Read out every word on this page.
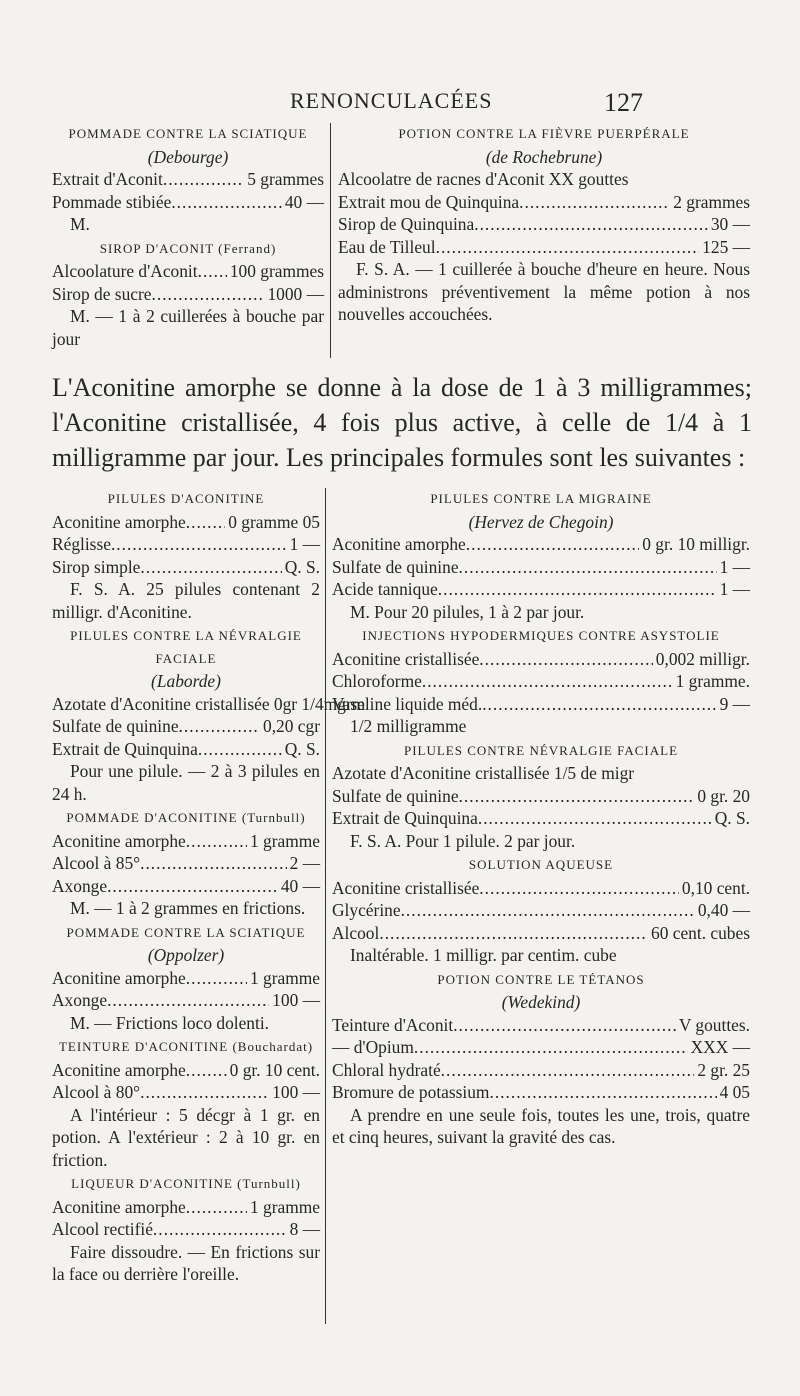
RENONCULACÉES	127
POMMADE CONTRE LA SCIATIQUE
(Debourge)
Extrait d'Aconit .....	5 grammes
Pommade stibiée .....	40 —
M.
SIROP D'ACONIT (Ferrand)
Alcoolature d'Aconit ..... 100 grammes
Sirop de sucre .....	1000 —
M. — 1 à 2 cuillerées à bouche par jour
POTION CONTRE LA FIÈVRE PUERPÉRALE
(de Rochebrune)
Alcoolatre de racnes d'Aconit XX gouttes
Extrait mou de Quinquina .....	2 grammes
Sirop de Quinquina .....	30 —
Eau de Tilleul .....	125 —
F. S. A. — 1 cuillerée à bouche d'heure en heure. Nous administrons préventivement la même potion à nos nouvelles accouchées.
L'Aconitine amorphe se donne à la dose de 1 à 3 milligrammes; l'Aconitine cristallisée, 4 fois plus active, à celle de 1/4 à 1 milligramme par jour. Les principales formules sont les suivantes :
PILULES D'ACONITINE
Aconitine amorphe ..... 0 gramme 05
Réglisse .....	1 —
Sirop simple .....	Q. S.
F. S. A. 25 pilules contenant 2 milligr. d'Aconitine.
PILULES CONTRE LA NÉVRALGIE FACIALE
(Laborde)
Azotate d'Aconitine cristallisée 0gr 1/4mgrm
Sulfate de quinine .....	0,20 cgr
Extrait de Quinquina .....	Q. S.
Pour une pilule. — 2 à 3 pilules en 24 h.
POMMADE D'ACONITINE (Turnbull)
Aconitine amorphe .....	1 gramme
Alcool à 85° .....	2 —
Axonge .....	40 —
M. — 1 à 2 grammes en frictions.
POMMADE CONTRE LA SCIATIQUE
(Oppolzer)
Aconitine amorphe .....	1 gramme
Axonge .....	100 —
M. — Frictions loco dolenti.
TEINTURE D'ACONITINE (Bouchardat)
Aconitine amorphe .....	0 gr. 10 cent.
Alcool à 80° .....	100 —
A l'intérieur : 5 décgr à 1 gr. en potion. A l'extérieur : 2 à 10 gr. en friction.
LIQUEUR D'ACONITINE (Turnbull)
Aconitine amorphe .....	1 gramme
Alcool rectifié .....	8 —
Faire dissoudre. — En frictions sur la face ou derrière l'oreille.
PILULES CONTRE LA MIGRAINE
(Hervez de Chegoin)
Aconitine amorphe .....	0 gr. 10 milligr.
Sulfate de quinine .....	1 —
Acide tannique .....	1 —
M. Pour 20 pilules, 1 à 2 par jour.
INJECTIONS HYPODERMIQUES CONTRE ASYSTOLIE
Aconitine cristallisée .....	0,002 milligr.
Chloroforme .....	1 gramme.
Vaseline liquide méd. .....	9 —
1/2 milligramme
PILULES CONTRE NÉVRALGIE FACIALE
Azotate d'Aconitine cristallisée 1/5 de migr
Sulfate de quinine .....	0 gr. 20
Extrait de Quinquina .....	Q. S.
F. S. A. Pour 1 pilule. 2 par jour.
SOLUTION AQUEUSE
Aconitine cristallisée .....	0,10 cent.
Glycérine .....	0,40 —
Alcool .....	60 cent. cubes
Inaltérable. 1 milligr. par centim. cube
POTION CONTRE LE TÉTANOS
(Wedekind)
Teinture d'Aconit .....	V gouttes.
— d'Opium .....	XXX —
Chloral hydraté .....	2 gr. 25
Bromure de potassium .....	4 05
A prendre en une seule fois, toutes les une, trois, quatre et cinq heures, suivant la gravité des cas.
